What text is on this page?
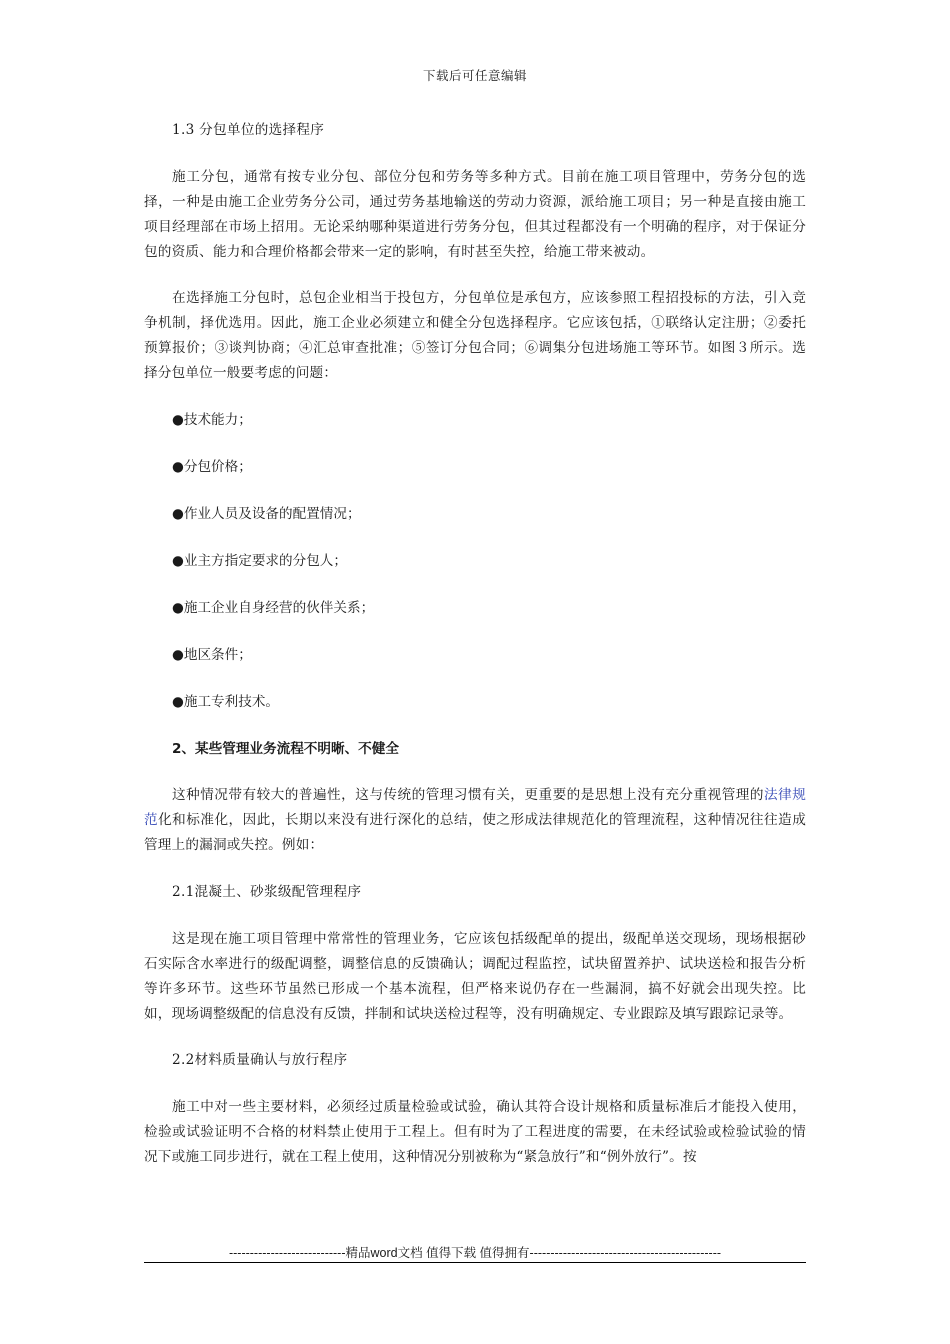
下载后可任意编辑

1.3 分包单位的选择程序

施工分包，通常有按专业分包、部位分包和劳务等多种方式。目前在施工项目管理中，劳务分包的选择，一种是由施工企业劳务分公司，通过劳务基地输送的劳动力资源，派给施工项目；另一种是直接由施工项目经理部在市场上招用。无论采纳哪种渠道进行劳务分包，但其过程都没有一个明确的程序，对于保证分包的资质、能力和合理价格都会带来一定的影响，有时甚至失控，给施工带来被动。

在选择施工分包时，总包企业相当于投包方，分包单位是承包方，应该参照工程招投标的方法，引入竞争机制，择优选用。因此，施工企业必须建立和健全分包选择程序。它应该包括，①联络认定注册；②委托预算报价；③谈判协商；④汇总审查批准；⑤签订分包合同；⑥调集分包进场施工等环节。如图３所示。选择分包单位一般要考虑的问题：

●技术能力；

●分包价格；

●作业人员及设备的配置情况；

●业主方指定要求的分包人；

●施工企业自身经营的伙伴关系；

●地区条件；

●施工专利技术。

2、某些管理业务流程不明晰、不健全

这种情况带有较大的普遍性，这与传统的管理习惯有关，更重要的是思想上没有充分重视管理的法律规范化和标准化，因此，长期以来没有进行深化的总结，使之形成法律规范化的管理流程，这种情况往往造成管理上的漏洞或失控。例如：

2.1混凝土、砂浆级配管理程序

这是现在施工项目管理中常常性的管理业务，它应该包括级配单的提出，级配单送交现场，现场根据砂石实际含水率进行的级配调整，调整信息的反馈确认；调配过程监控，试块留置养护、试块送检和报告分析等许多环节。这些环节虽然已形成一个基本流程，但严格来说仍存在一些漏洞，搞不好就会出现失控。比如，现场调整级配的信息没有反馈，拌制和试块送检过程等，没有明确规定、专业跟踪及填写跟踪记录等。

2.2材料质量确认与放行程序

施工中对一些主要材料，必须经过质量检验或试验，确认其符合设计规格和质量标准后才能投入使用，检验或试验证明不合格的材料禁止使用于工程上。但有时为了工程进度的需要，在未经试验或检验试验的情况下或施工同步进行，就在工程上使用，这种情况分别被称为“紧急放行”和“例外放行”。按

----------------------------精品word文档 值得下载 值得拥有----------------------------------------------
